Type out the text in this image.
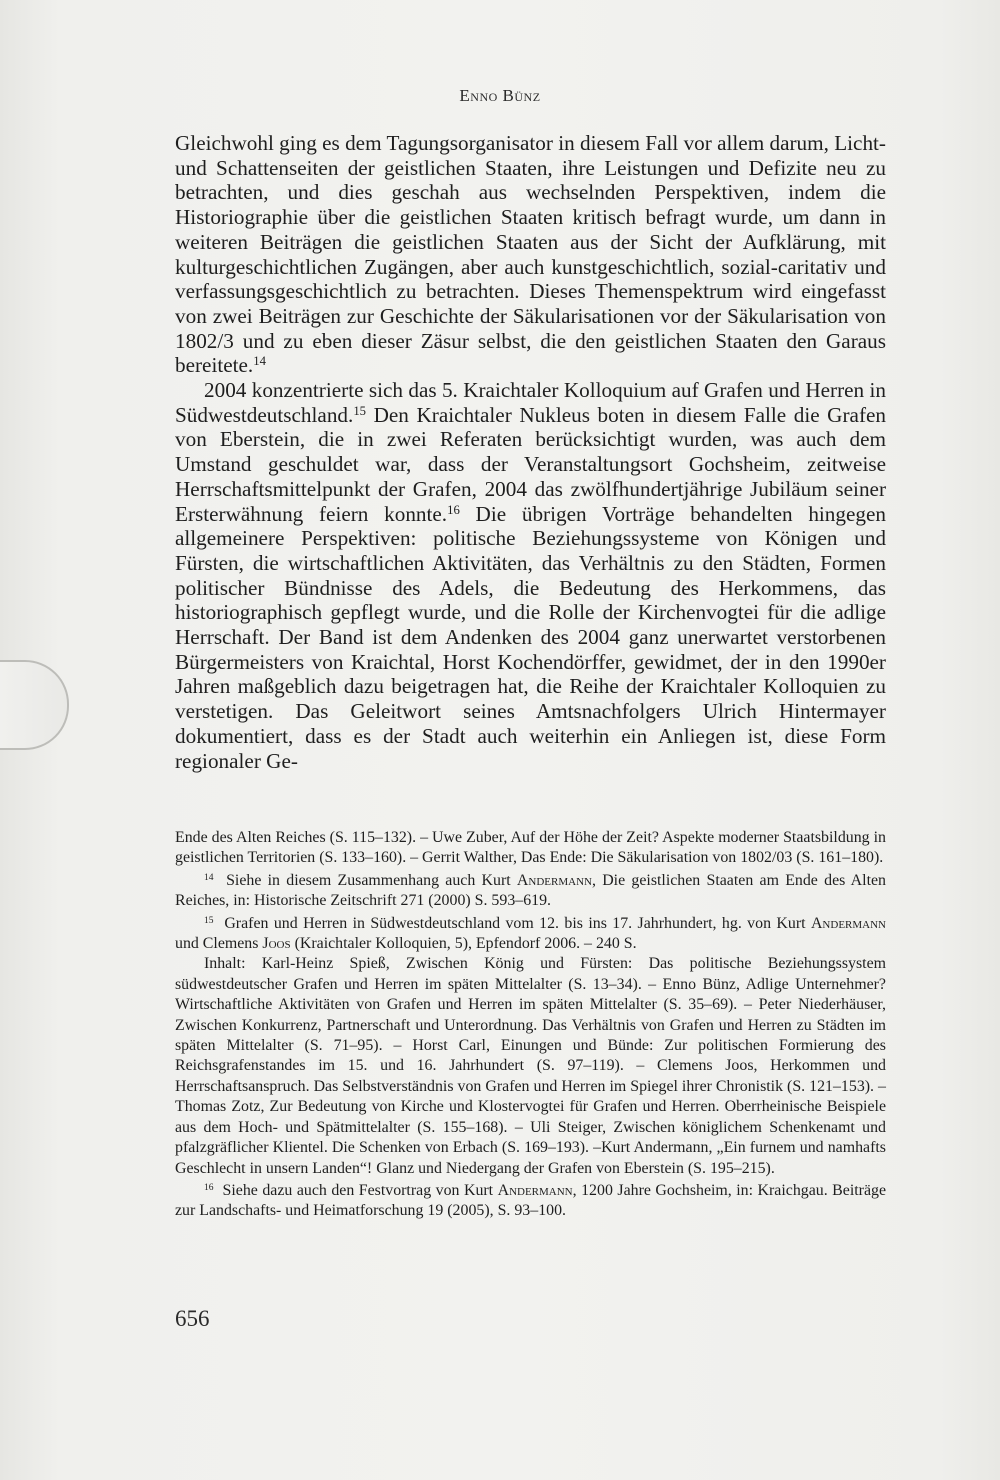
Enno Bünz

Gleichwohl ging es dem Tagungsorganisator in diesem Fall vor allem darum, Licht- und Schattenseiten der geistlichen Staaten, ihre Leistungen und Defizite neu zu betrachten, und dies geschah aus wechselnden Perspektiven, indem die Historiographie über die geistlichen Staaten kritisch befragt wurde, um dann in weiteren Beiträgen die geistlichen Staaten aus der Sicht der Aufklärung, mit kulturgeschichtlichen Zugängen, aber auch kunstgeschichtlich, sozial-caritativ und verfassungsgeschichtlich zu betrachten. Dieses Themenspektrum wird eingefasst von zwei Beiträgen zur Geschichte der Säkularisationen vor der Säkularisation von 1802/3 und zu eben dieser Zäsur selbst, die den geistlichen Staaten den Garaus bereitete.$^{14}$

2004 konzentrierte sich das 5. Kraichtaler Kolloquium auf Grafen und Herren in Südwestdeutschland.$^{15}$ Den Kraichtaler Nukleus boten in diesem Falle die Grafen von Eberstein, die in zwei Referaten berücksichtigt wurden, was auch dem Umstand geschuldet war, dass der Veranstaltungsort Gochsheim, zeitweise Herrschaftsmittelpunkt der Grafen, 2004 das zwölfhundertjährige Jubiläum seiner Ersterwähnung feiern konnte.$^{16}$ Die übrigen Vorträge behandelten hingegen allgemeinere Perspektiven: politische Beziehungssysteme von Königen und Fürsten, die wirtschaftlichen Aktivitäten, das Verhältnis zu den Städten, Formen politischer Bündnisse des Adels, die Bedeutung des Herkommens, das historiographisch gepflegt wurde, und die Rolle der Kirchenvogtei für die adlige Herrschaft. Der Band ist dem Andenken des 2004 ganz unerwartet verstorbenen Bürgermeisters von Kraichtal, Horst Kochendörffer, gewidmet, der in den 1990er Jahren maßgeblich dazu beigetragen hat, die Reihe der Kraichtaler Kolloquien zu verstetigen. Das Geleitwort seines Amtsnachfolgers Ulrich Hintermayer dokumentiert, dass es der Stadt auch weiterhin ein Anliegen ist, diese Form regionaler Ge-

Ende des Alten Reiches (S. 115–132). – Uwe Zuber, Auf der Höhe der Zeit? Aspekte moderner Staatsbildung in geistlichen Territorien (S. 133–160). – Gerrit Walther, Das Ende: Die Säkularisation von 1802/03 (S. 161–180).

$^{14}$ Siehe in diesem Zusammenhang auch Kurt Andermann, Die geistlichen Staaten am Ende des Alten Reiches, in: Historische Zeitschrift 271 (2000) S. 593–619.

$^{15}$ Grafen und Herren in Südwestdeutschland vom 12. bis ins 17. Jahrhundert, hg. von Kurt Andermann und Clemens Joos (Kraichtaler Kolloquien, 5), Epfendorf 2006. – 240 S.

Inhalt: Karl-Heinz Spieß, Zwischen König und Fürsten: Das politische Beziehungssystem südwestdeutscher Grafen und Herren im späten Mittelalter (S. 13–34). – Enno Bünz, Adlige Unternehmer? Wirtschaftliche Aktivitäten von Grafen und Herren im späten Mittelalter (S. 35–69). – Peter Niederhäuser, Zwischen Konkurrenz, Partnerschaft und Unterordnung. Das Verhältnis von Grafen und Herren zu Städten im späten Mittelalter (S. 71–95). – Horst Carl, Einungen und Bünde: Zur politischen Formierung des Reichsgrafenstandes im 15. und 16. Jahrhundert (S. 97–119). – Clemens Joos, Herkommen und Herrschaftsanspruch. Das Selbstverständnis von Grafen und Herren im Spiegel ihrer Chronistik (S. 121–153). – Thomas Zotz, Zur Bedeutung von Kirche und Klostervogtei für Grafen und Herren. Oberrheinische Beispiele aus dem Hoch- und Spätmittelalter (S. 155–168). – Uli Steiger, Zwischen königlichem Schenkenamt und pfalzgräflicher Klientel. Die Schenken von Erbach (S. 169–193). –Kurt Andermann, „Ein furnem und namhafts Geschlecht in unsern Landen“! Glanz und Niedergang der Grafen von Eberstein (S. 195–215).

$^{16}$ Siehe dazu auch den Festvortrag von Kurt Andermann, 1200 Jahre Gochsheim, in: Kraichgau. Beiträge zur Landschafts- und Heimatforschung 19 (2005), S. 93–100.

656
